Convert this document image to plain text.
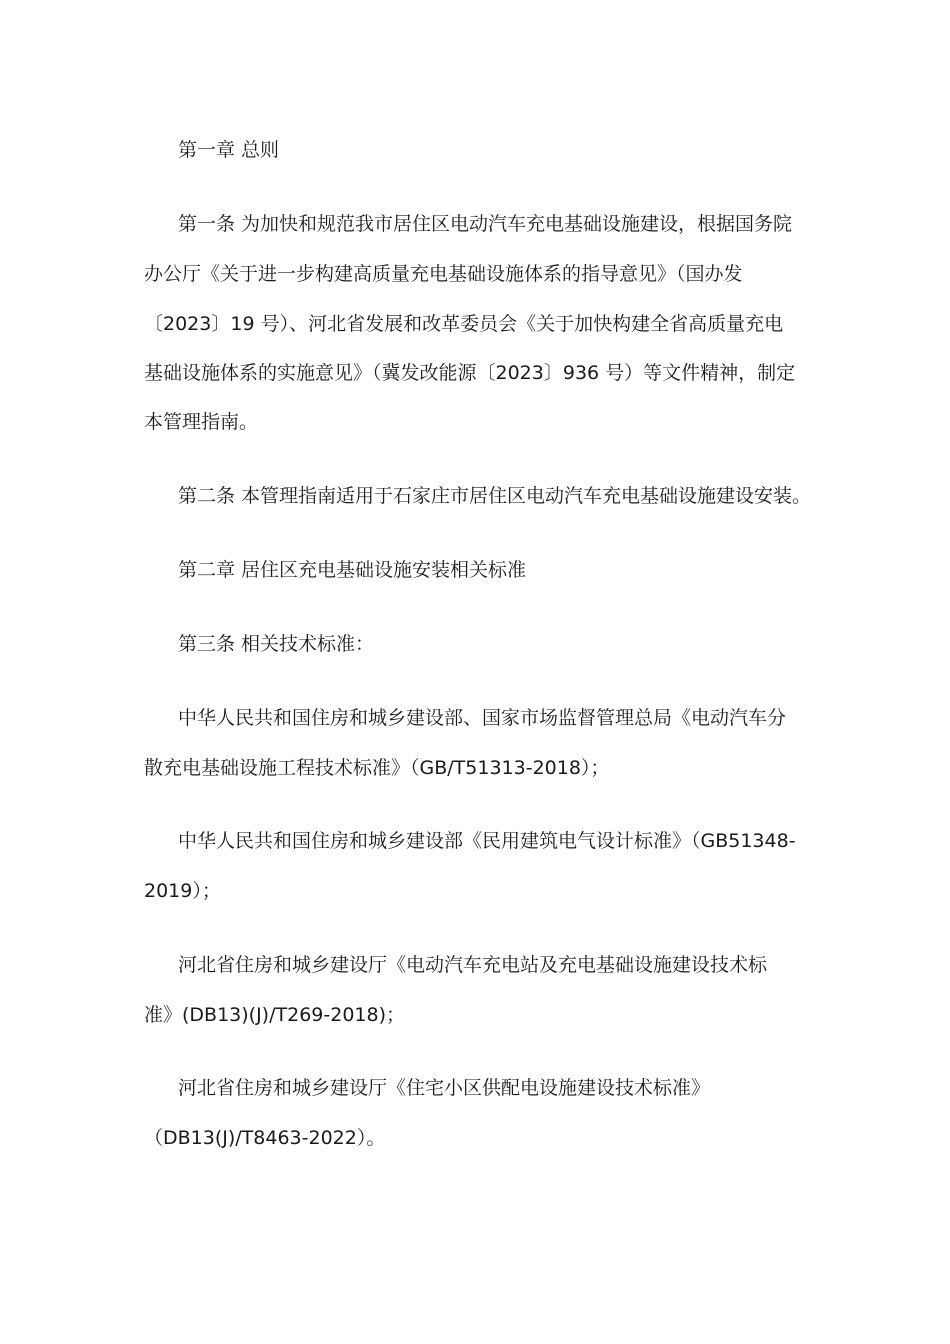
第一章 总则
第一条 为加快和规范我市居住区电动汽车充电基础设施建设，根据国务院
办公厅《关于进一步构建高质量充电基础设施体系的指导意见》（国办发
〔2023〕19 号）、河北省发展和改革委员会《关于加快构建全省高质量充电
基础设施体系的实施意见》（冀发改能源〔2023〕936 号）等文件精神，制定
本管理指南。
第二条 本管理指南适用于石家庄市居住区电动汽车充电基础设施建设安装。
第二章 居住区充电基础设施安装相关标准
第三条 相关技术标准：
中华人民共和国住房和城乡建设部、国家市场监督管理总局《电动汽车分
散充电基础设施工程技术标准》（GB/T51313-2018）；
中华人民共和国住房和城乡建设部《民用建筑电气设计标准》（GB51348-
2019）；
河北省住房和城乡建设厅《电动汽车充电站及充电基础设施建设技术标
准》(DB13)(J)/T269-2018)；
河北省住房和城乡建设厅《住宅小区供配电设施建设技术标准》
（DB13(J)/T8463-2022）。
